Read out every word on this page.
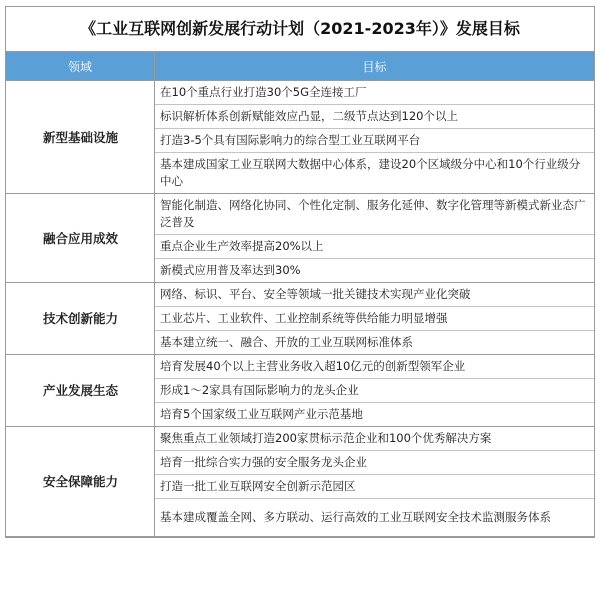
《工业互联网创新发展行动计划（2021-2023年）》发展目标
领域	目标
新型基础设施	在10个重点行业打造30个5G全连接工厂
	标识解析体系创新赋能效应凸显，二级节点达到120个以上
	打造3-5个具有国际影响力的综合型工业互联网平台
	基本建成国家工业互联网大数据中心体系，建设20个区域级分中心和10个行业级分中心
融合应用成效	智能化制造、网络化协同、个性化定制、服务化延伸、数字化管理等新模式新业态广泛普及
	重点企业生产效率提高20%以上
	新模式应用普及率达到30%
技术创新能力	网络、标识、平台、安全等领域一批关键技术实现产业化突破
	工业芯片、工业软件、工业控制系统等供给能力明显增强
	基本建立统一、融合、开放的工业互联网标准体系
产业发展生态	培育发展40个以上主营业务收入超10亿元的创新型领军企业
	形成1～2家具有国际影响力的龙头企业
	培育5个国家级工业互联网产业示范基地
安全保障能力	聚焦重点工业领域打造200家贯标示范企业和100个优秀解决方案
	培育一批综合实力强的安全服务龙头企业
	打造一批工业互联网安全创新示范园区
	基本建成覆盖全网、多方联动、运行高效的工业互联网安全技术监测服务体系
